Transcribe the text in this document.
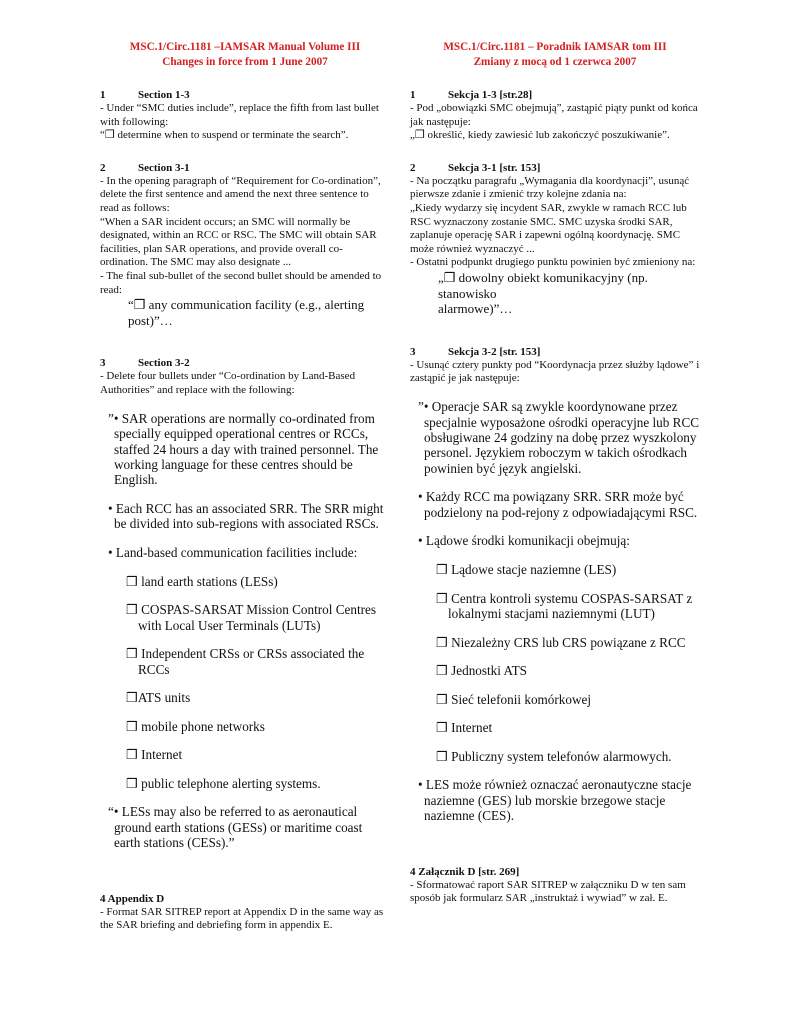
MSC.1/Circ.1181 –IAMSAR Manual Volume III
Changes in force from 1 June 2007
1	Section 1-3

- Under “SMC duties include”, replace the fifth from last bullet with following:

“❒ determine when to suspend or terminate the search”.

2	Section 3-1

- In the opening paragraph of “Requirement for Co-ordination”, delete the first sentence and amend the next three sentence to read as follows:

“When a SAR incident occurs; an SMC will normally be designated, within an RCC or RSC. The SMC will obtain SAR facilities, plan SAR operations, and provide overall co-ordination. The SMC may also designate ...

- The final sub-bullet of the second bullet should be amended to read:

“❒ any communication facility (e.g., alerting post)”…

3	Section 3-2

- Delete four bullets under “Co-ordination by Land-Based Authorities” and replace with the following:

”• SAR operations are normally co-ordinated from specially equipped operational centres or RCCs, staffed 24 hours a day with trained personnel. The working language for these centres should be English.

• Each RCC has an associated SRR. The SRR might be divided into sub-regions with associated RSCs.

• Land-based communication facilities include:

❒ land earth stations (LESs)

❒ COSPAS-SARSAT Mission Control Centres with Local User Terminals (LUTs)

❒ Independent CRSs or CRSs associated the RCCs

❒ATS units

❒ mobile phone networks

❒ Internet

❒ public telephone alerting systems.

“• LESs may also be referred to as aeronautical ground earth stations (GESs) or maritime coast earth stations (CESs).”

4 Appendix D

- Format SAR SITREP report at Appendix D in the same way as the SAR briefing and debriefing form in appendix E.

MSC.1/Circ.1181 – Poradnik IAMSAR tom III
Zmiany z mocą od 1 czerwca 2007
1	Sekcja 1-3 [str.28]

- Pod „obowiązki SMC obejmują”, zastąpić piąty punkt od końca jak następuje:

„❒ określić, kiedy zawiesić lub zakończyć poszukiwanie”.

2	Sekcja 3-1 [str. 153]

- Na początku paragrafu „Wymagania dla koordynacji”, usunąć pierwsze zdanie i zmienić trzy kolejne zdania na:

„Kiedy wydarzy się incydent SAR, zwykle w ramach RCC lub RSC wyznaczony zostanie SMC. SMC uzyska środki SAR, zaplanuje operację SAR i zapewni ogólną koordynację. SMC może również wyznaczyć ...

- Ostatni podpunkt drugiego punktu powinien być zmieniony na:

„❒ dowolny obiekt komunikacyjny (np. stanowisko

alarmowe)”…

3	Sekcja 3-2 [str. 153]

- Usunąć cztery punkty pod “Koordynacja przez służby lądowe” i zastąpić je jak następuje:

”• Operacje SAR są zwykle koordynowane przez specjalnie wyposażone ośrodki operacyjne lub RCC obsługiwane 24 godziny na dobę przez wyszkolony personel. Językiem roboczym w takich ośrodkach powinien być język angielski.

• Każdy RCC ma powiązany SRR. SRR może być podzielony na pod-rejony z odpowiadającymi RSC.

• Lądowe środki komunikacji obejmują:

❒ Lądowe stacje naziemne (LES)

❒ Centra kontroli systemu COSPAS-SARSAT z lokalnymi stacjami naziemnymi (LUT)

❒ Niezależny CRS lub CRS powiązane z RCC

❒ Jednostki ATS

❒ Sieć telefonii komórkowej

❒ Internet

❒ Publiczny system telefonów alarmowych.

• LES może również oznaczać aeronautyczne stacje naziemne (GES) lub morskie brzegowe stacje naziemne (CES).

4 Załącznik D [str. 269]

- Sformatować raport SAR SITREP w załączniku D w ten sam sposób jak formularz SAR „instruktaż i wywiad” w zał. E.
